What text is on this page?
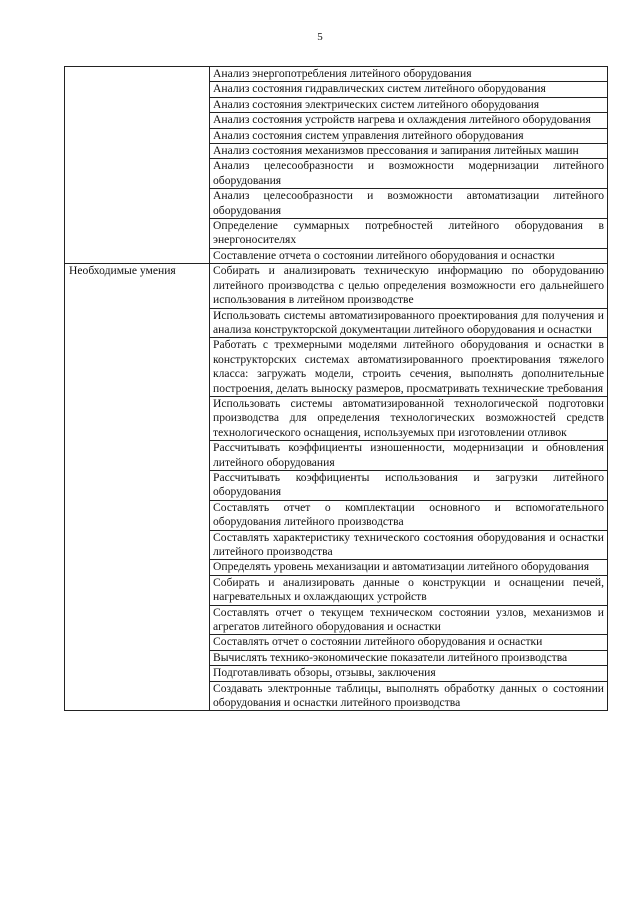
5
	Анализ энергопотребления литейного оборудования
	Анализ состояния гидравлических систем литейного оборудования
	Анализ состояния электрических систем литейного оборудования
	Анализ состояния устройств нагрева и охлаждения литейного оборудования
	Анализ состояния систем управления литейного оборудования
	Анализ состояния механизмов прессования и запирания литейных машин
	Анализ целесообразности и возможности модернизации литейного оборудования
	Анализ целесообразности и возможности автоматизации литейного оборудования
	Определение суммарных потребностей литейного оборудования в энергоносителях
	Составление отчета о состоянии литейного оборудования и оснастки
Необходимые умения	Собирать и анализировать техническую информацию по оборудованию литейного производства с целью определения возможности его дальнейшего использования в литейном производстве
	Использовать системы автоматизированного проектирования для получения и анализа конструкторской документации литейного оборудования и оснастки
	Работать с трехмерными моделями литейного оборудования и оснастки в конструкторских системах автоматизированного проектирования тяжелого класса: загружать модели, строить сечения, выполнять дополнительные построения, делать выноску размеров, просматривать технические требования
	Использовать системы автоматизированной технологической подготовки производства для определения технологических возможностей средств технологического оснащения, используемых при изготовлении отливок
	Рассчитывать коэффициенты изношенности, модернизации и обновления литейного оборудования
	Рассчитывать коэффициенты использования и загрузки литейного оборудования
	Составлять отчет о комплектации основного и вспомогательного оборудования литейного производства
	Составлять характеристику технического состояния оборудования и оснастки литейного производства
	Определять уровень механизации и автоматизации литейного оборудования
	Собирать и анализировать данные о конструкции и оснащении печей, нагревательных и охлаждающих устройств
	Составлять отчет о текущем техническом состоянии узлов, механизмов и агрегатов литейного оборудования и оснастки
	Составлять отчет о состоянии литейного оборудования и оснастки
	Вычислять технико-экономические показатели литейного производства
	Подготавливать обзоры, отзывы, заключения
	Создавать электронные таблицы, выполнять обработку данных о состоянии оборудования и оснастки литейного производства
